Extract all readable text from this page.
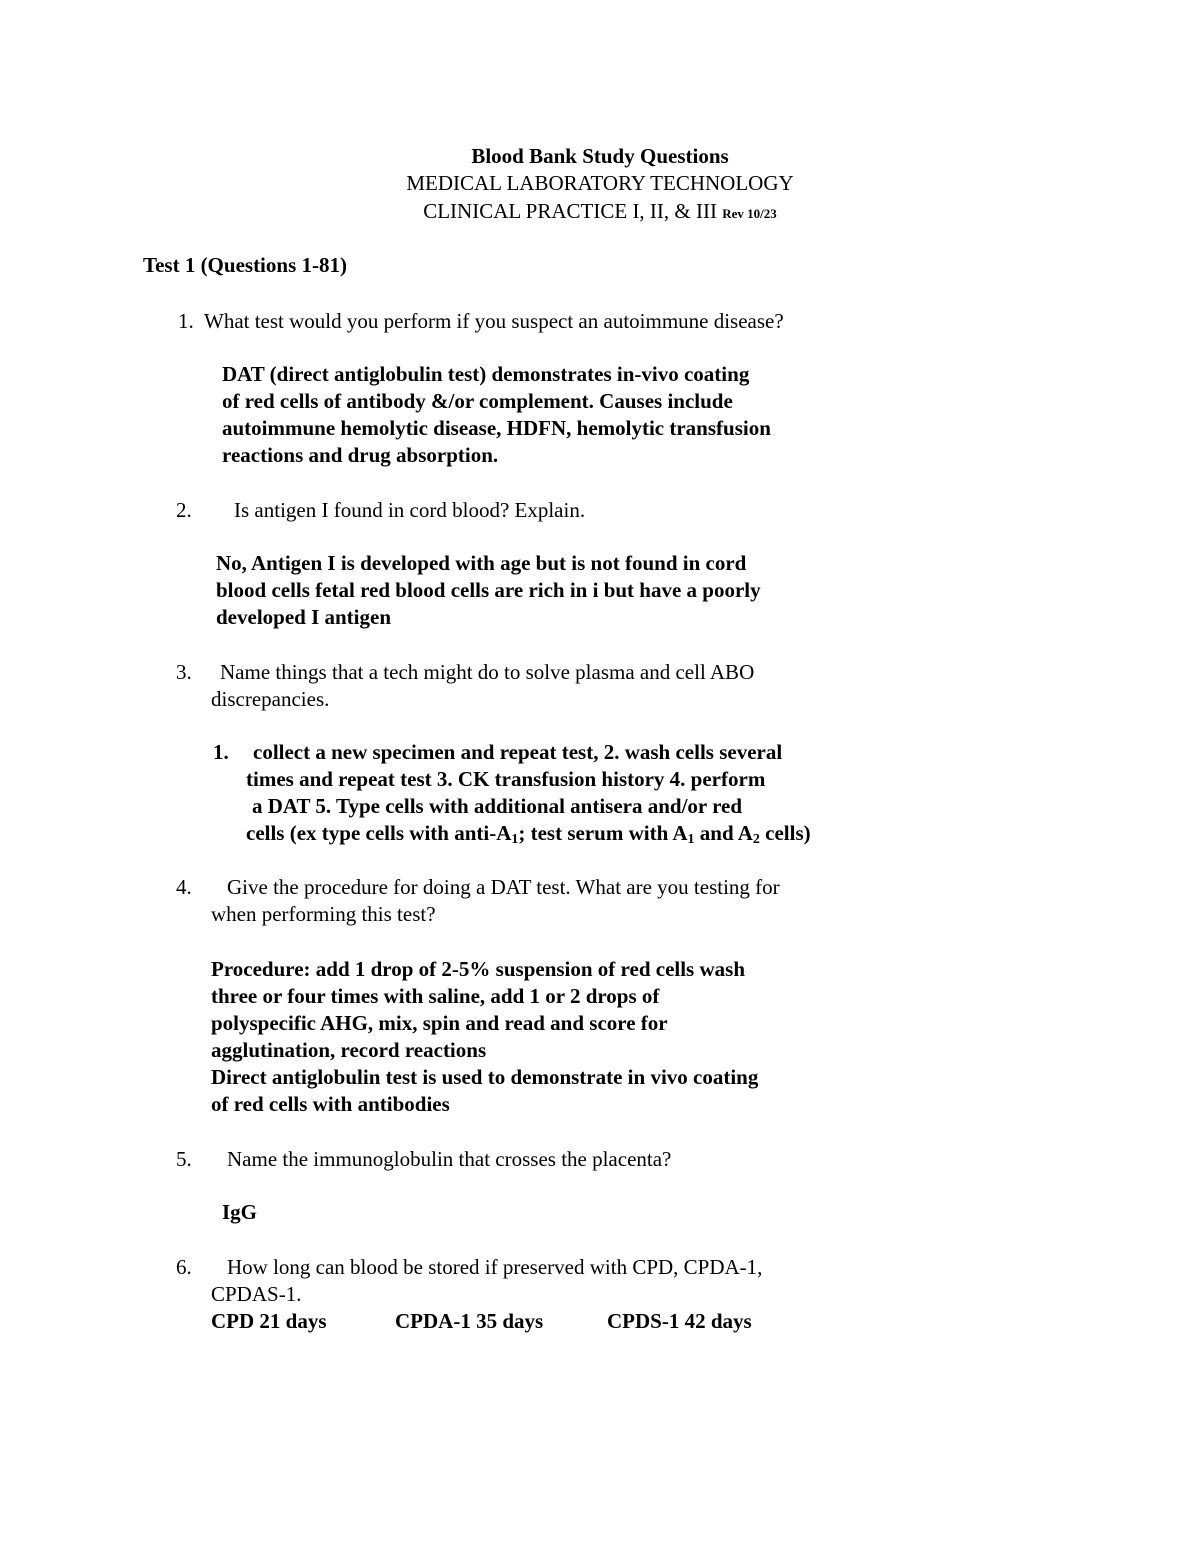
Blood Bank Study Questions
MEDICAL LABORATORY TECHNOLOGY
CLINICAL PRACTICE I, II, & III Rev 10/23
Test 1 (Questions 1-81)
1. What test would you perform if you suspect an autoimmune disease?
DAT (direct antiglobulin test) demonstrates in-vivo coating
of red cells of antibody &/or complement. Causes include
autoimmune hemolytic disease, HDFN, hemolytic transfusion
reactions and drug absorption.
2. Is antigen I found in cord blood? Explain.
No, Antigen I is developed with age but is not found in cord
blood cells fetal red blood cells are rich in i but have a poorly
developed I antigen
3. Name things that a tech might do to solve plasma and cell ABO
discrepancies.
1. collect a new specimen and repeat test, 2. wash cells several
times and repeat test 3. CK transfusion history 4. perform
a DAT 5. Type cells with additional antisera and/or red
cells (ex type cells with anti-$A_1$; test serum with $A_1$ and $A_2$ cells)
4. Give the procedure for doing a DAT test. What are you testing for
when performing this test?
Procedure: add 1 drop of 2-5% suspension of red cells wash
three or four times with saline, add 1 or 2 drops of
polyspecific AHG, mix, spin and read and score for
agglutination, record reactions
Direct antiglobulin test is used to demonstrate in vivo coating
of red cells with antibodies
5. Name the immunoglobulin that crosses the placenta?
IgG
6. How long can blood be stored if preserved with CPD, CPDA-1,
CPDAS-1.
CPD 21 days	CPDA-1 35 days	CPDS-1 42 days
